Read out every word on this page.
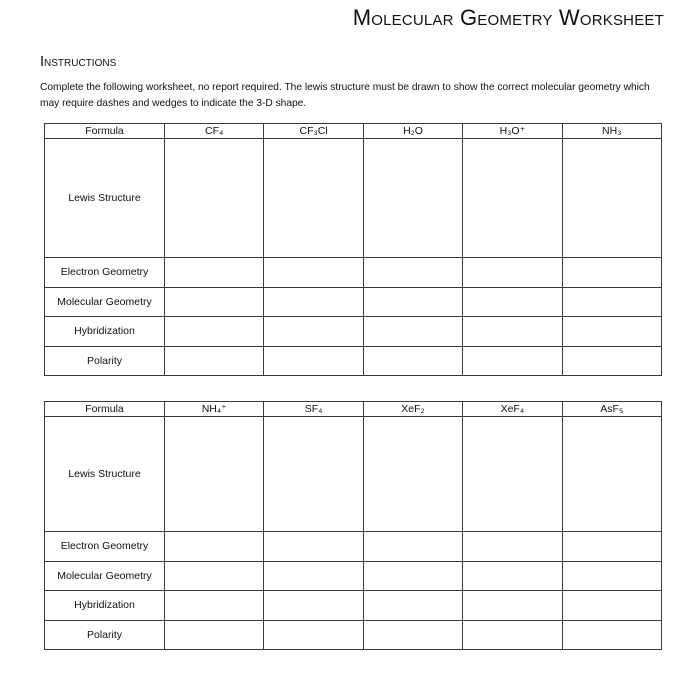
Molecular Geometry Worksheet
Instructions

Complete the following worksheet, no report required. The lewis structure must be drawn to show the correct molecular geometry which may require dashes and wedges to indicate the 3-D shape.

Formula	CF₄	CF₃Cl	H₂O	H₃O⁺	NH₃
Lewis Structure					
Electron Geometry					
Molecular Geometry					
Hybridization					
Polarity					
Formula	NH₄⁺	SF₄	XeF₂	XeF₄	AsF₅
Lewis Structure					
Electron Geometry					
Molecular Geometry					
Hybridization					
Polarity					
